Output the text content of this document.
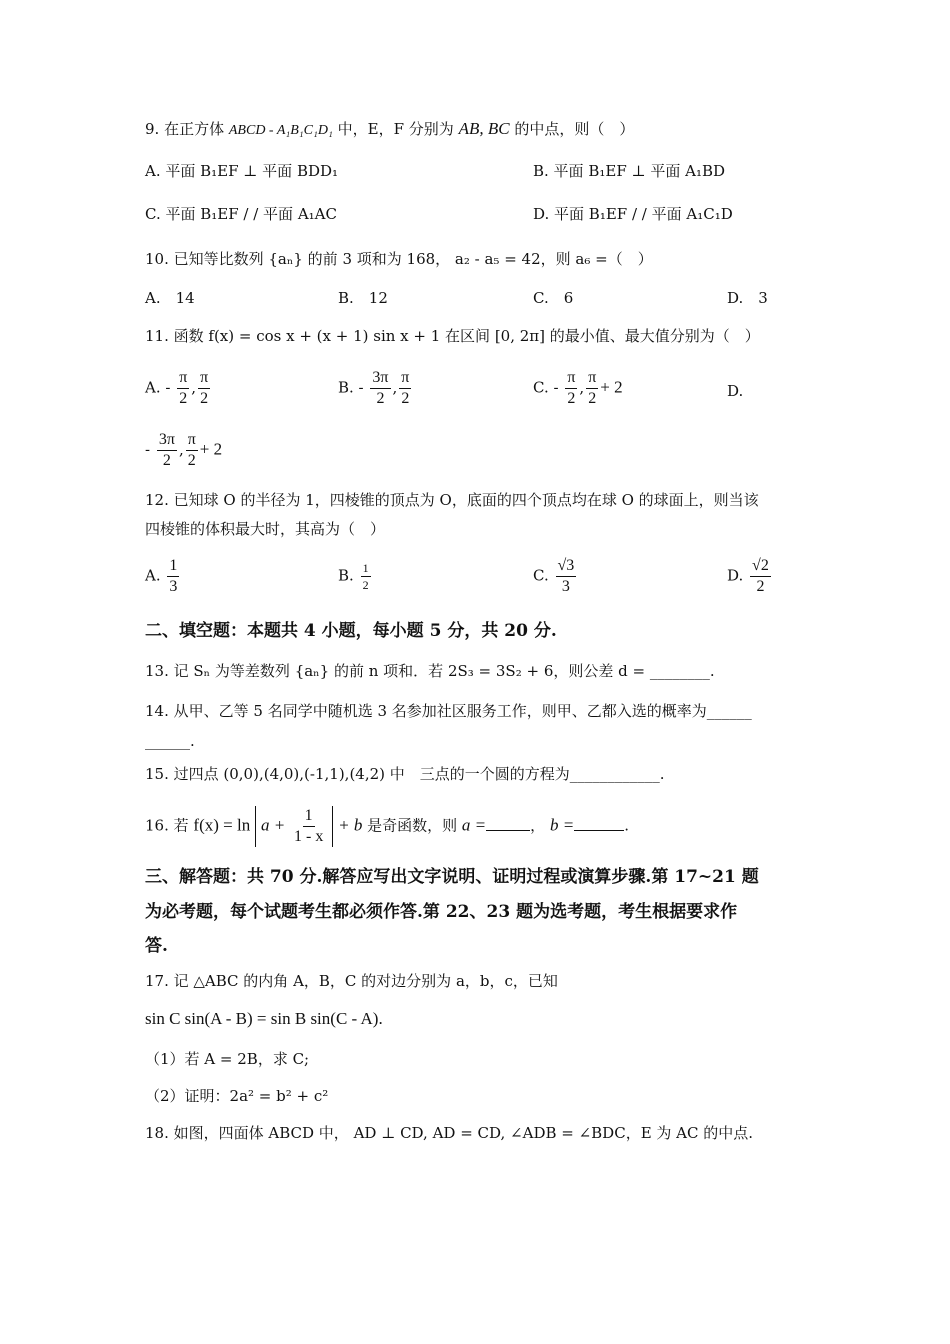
9. 在正方体 ABCD - A₁B₁C₁D₁ 中，E，F 分别为 AB, BC 的中点，则（　）
A. 平面 B₁EF ⊥ 平面 BDD₁	B. 平面 B₁EF ⊥ 平面 A₁BD
C. 平面 B₁EF / / 平面 A₁AC	D. 平面 B₁EF / / 平面 A₁C₁D
10. 已知等比数列 {aₙ} 的前 3 项和为 168， a₂ - a₅ = 42，则 a₆ =（　）
A.　14	B.　12	C.　6	D.　3
11. 函数 f(x) = cos x + (x + 1) sin x + 1 在区间 [0, 2π] 的最小值、最大值分别为（　）
A. - $\frac{\pi}{2}$ , $\frac{\pi}{2}$	B. - $\frac{3\pi}{2}$ , $\frac{\pi}{2}$	C. - $\frac{\pi}{2}$ , $\frac{\pi}{2} + 2$	D.
- $\frac{3\pi}{2}$ , $\frac{\pi}{2} + 2$
12. 已知球 O 的半径为 1，四棱锥的顶点为 O，底面的四个顶点均在球 O 的球面上，则当该
四棱锥的体积最大时，其高为（　）
A. $\frac{1}{3}$	B. $\frac{1}{2}$	C. $\frac{√3}{3}$	D. $\frac{√2}{2}$
二、填空题：本题共 4 小题，每小题 5 分，共 20 分.
13. 记 Sₙ 为等差数列 {aₙ} 的前 n 项和．若 2S₃ = 3S₂ + 6，则公差 d = ________.
14. 从甲、乙等 5 名同学中随机选 3 名参加社区服务工作，则甲、乙都入选的概率为______
______.
15. 过四点 (0,0),(4,0),(-1,1),(4,2) 中　三点的一个圆的方程为____________.
16. 若 $f(x) = \ln a + \frac{1}{1 - x} + b$ 是奇函数，则 a =	， b =	.
三、解答题：共 70 分.解答应写出文字说明、证明过程或演算步骤.第 17~21 题
为必考题，每个试题考生都必须作答.第 22、23 题为选考题，考生根据要求作
答.
17. 记 △ABC 的内角 A，B，C 的对边分别为 a，b，c，已知
sin C sin(A - B) = sin B sin(C - A).
（1）若 A = 2B，求 C;
（2）证明：2a² = b² + c²
18. 如图，四面体 ABCD 中， AD ⊥ CD, AD = CD, ∠ADB = ∠BDC，E 为 AC 的中点.
